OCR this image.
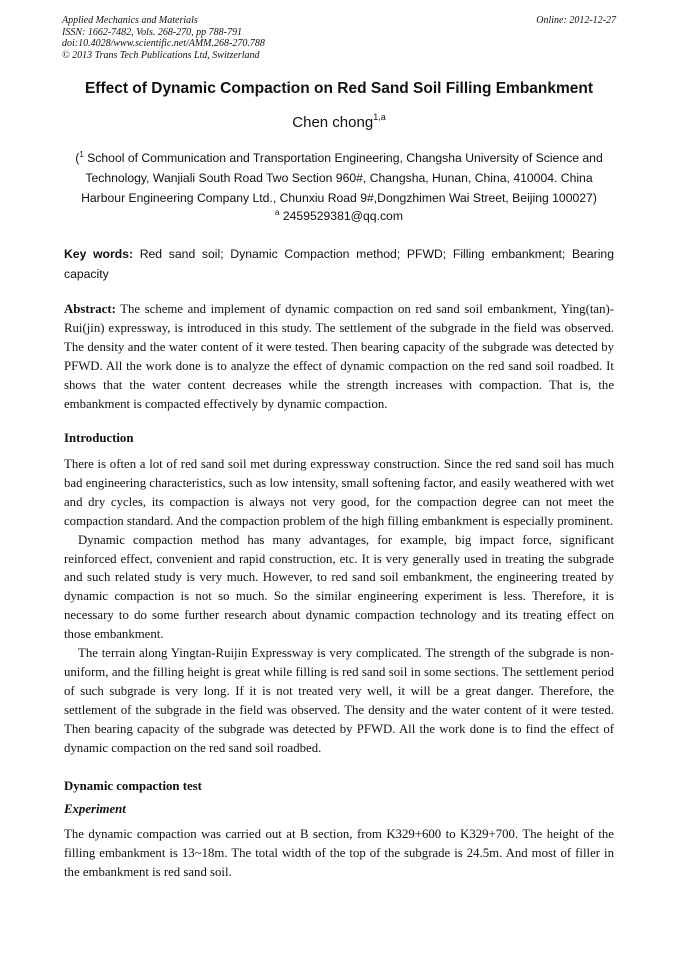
Applied Mechanics and Materials
ISSN: 1662-7482, Vols. 268-270, pp 788-791
doi:10.4028/www.scientific.net/AMM.268-270.788
© 2013 Trans Tech Publications Ltd, Switzerland
Online: 2012-12-27
Effect of Dynamic Compaction on Red Sand Soil Filling Embankment
Chen chong$^{1,a}$
($^1$ School of Communication and Transportation Engineering, Changsha University of Science and Technology, Wanjiali South Road Two Section 960#, Changsha, Hunan, China, 410004. China Harbour Engineering Company Ltd., Chunxiu Road 9#,Dongzhimen Wai Street, Beijing 100027)
$^a$ 2459529381@qq.com
Key words: Red sand soil; Dynamic Compaction method; PFWD; Filling embankment; Bearing capacity
Abstract: The scheme and implement of dynamic compaction on red sand soil embankment, Ying(tan)-Rui(jin) expressway, is introduced in this study. The settlement of the subgrade in the field was observed. The density and the water content of it were tested. Then bearing capacity of the subgrade was detected by PFWD. All the work done is to analyze the effect of dynamic compaction on the red sand soil roadbed. It shows that the water content decreases while the strength increases with compaction. That is, the embankment is compacted effectively by dynamic compaction.
Introduction

There is often a lot of red sand soil met during expressway construction. Since the red sand soil has much bad engineering characteristics, such as low intensity, small softening factor, and easily weathered with wet and dry cycles, its compaction is always not very good, for the compaction degree can not meet the compaction standard. And the compaction problem of the high filling embankment is especially prominent.

Dynamic compaction method has many advantages, for example, big impact force, significant reinforced effect, convenient and rapid construction, etc. It is very generally used in treating the subgrade and such related study is very much. However, to red sand soil embankment, the engineering treated by dynamic compaction is not so much. So the similar engineering experiment is less. Therefore, it is necessary to do some further research about dynamic compaction technology and its treating effect on those embankment.

The terrain along Yingtan-Ruijin Expressway is very complicated. The strength of the subgrade is non-uniform, and the filling height is great while filling is red sand soil in some sections. The settlement period of such subgrade is very long. If it is not treated very well, it will be a great danger. Therefore, the settlement of the subgrade in the field was observed. The density and the water content of it were tested. Then bearing capacity of the subgrade was detected by PFWD. All the work done is to find the effect of dynamic compaction on the red sand soil roadbed.

Dynamic compaction test
Experiment

The dynamic compaction was carried out at B section, from K329+600 to K329+700. The height of the filling embankment is 13~18m. The total width of the top of the subgrade is 24.5m. And most of filler in the embankment is red sand soil.
